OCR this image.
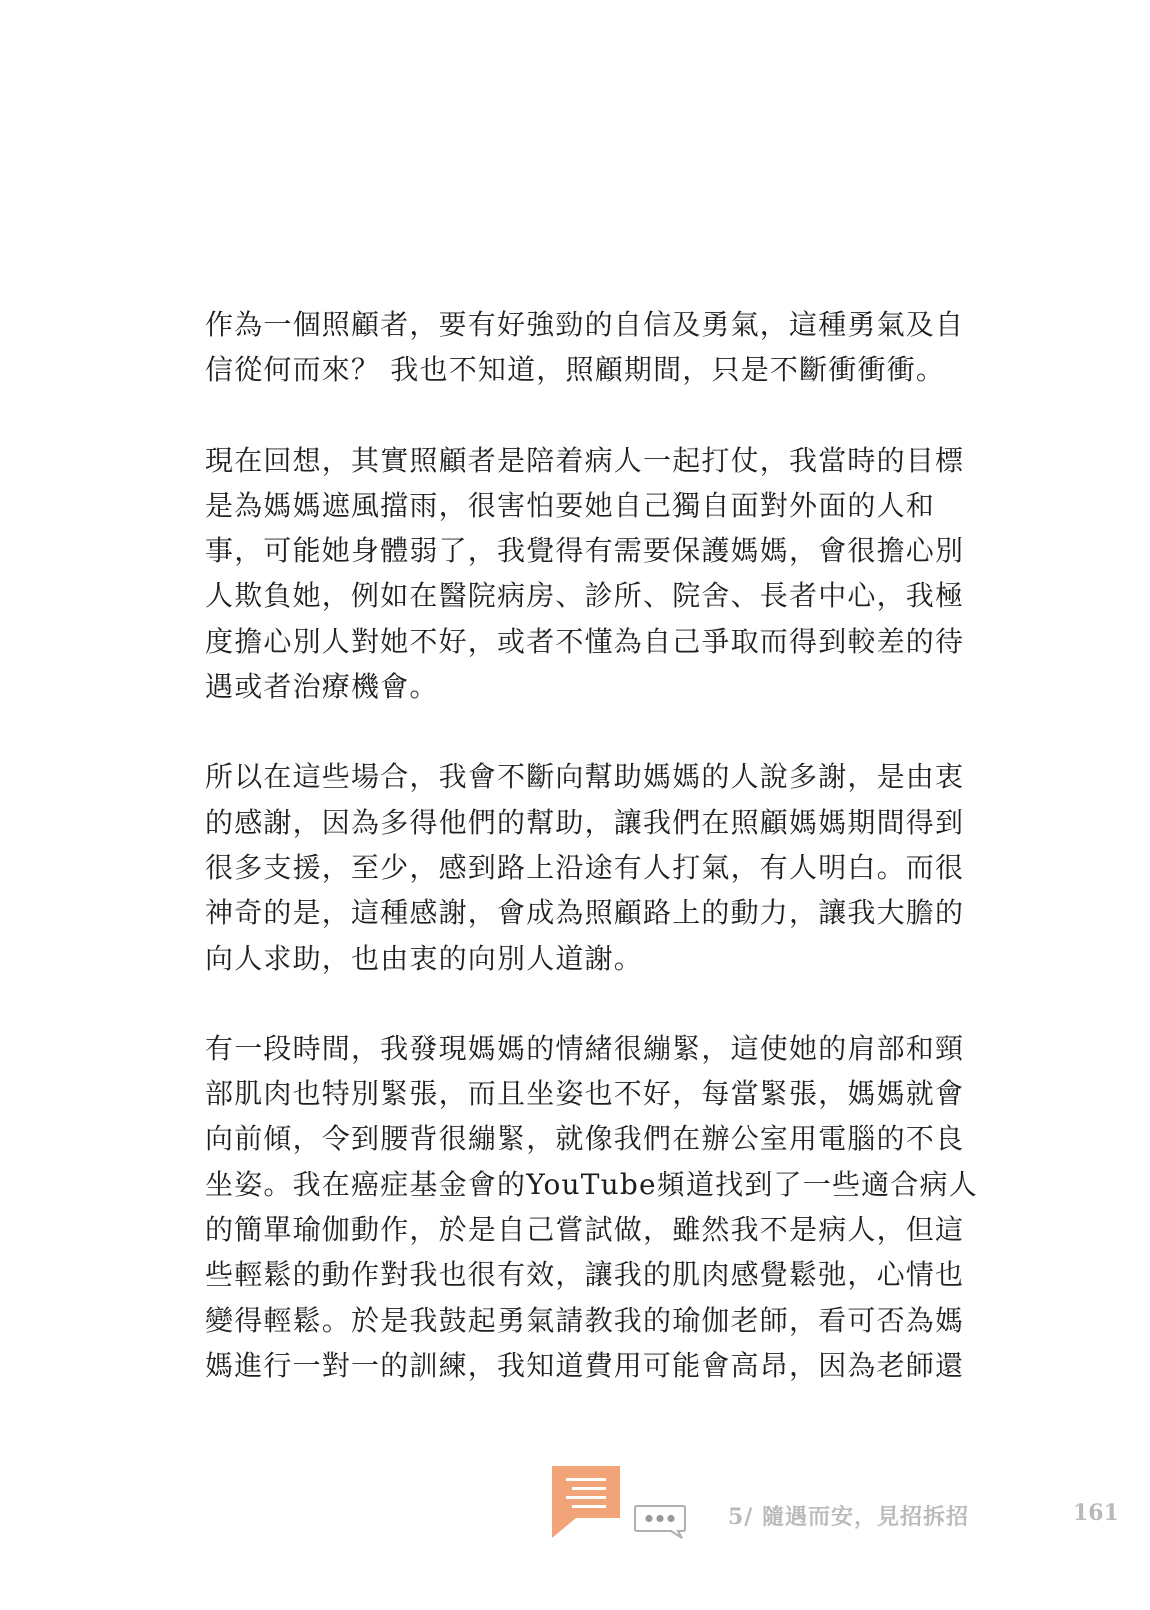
作為一個照顧者，要有好強勁的自信及勇氣，這種勇氣及自
信從何而來？ 我也不知道，照顧期間，只是不斷衝衝衝。

現在回想，其實照顧者是陪着病人一起打仗，我當時的目標
是為媽媽遮風擋雨，很害怕要她自己獨自面對外面的人和
事，可能她身體弱了，我覺得有需要保護媽媽，會很擔心別
人欺負她，例如在醫院病房、診所、院舍、長者中心，我極
度擔心別人對她不好，或者不懂為自己爭取而得到較差的待
遇或者治療機會。

所以在這些場合，我會不斷向幫助媽媽的人說多謝，是由衷
的感謝，因為多得他們的幫助，讓我們在照顧媽媽期間得到
很多支援，至少，感到路上沿途有人打氣，有人明白。而很
神奇的是，這種感謝，會成為照顧路上的動力，讓我大膽的
向人求助，也由衷的向別人道謝。

有一段時間，我發現媽媽的情緒很繃緊，這使她的肩部和頸
部肌肉也特別緊張，而且坐姿也不好，每當緊張，媽媽就會
向前傾，令到腰背很繃緊，就像我們在辦公室用電腦的不良
坐姿。我在癌症基金會的YouTube頻道找到了一些適合病人
的簡單瑜伽動作，於是自己嘗試做，雖然我不是病人，但這
些輕鬆的動作對我也很有效，讓我的肌肉感覺鬆弛，心情也
變得輕鬆。於是我鼓起勇氣請教我的瑜伽老師，看可否為媽
媽進行一對一的訓練，我知道費用可能會高昂，因為老師還

5/ 隨遇而安，見招拆招	161
